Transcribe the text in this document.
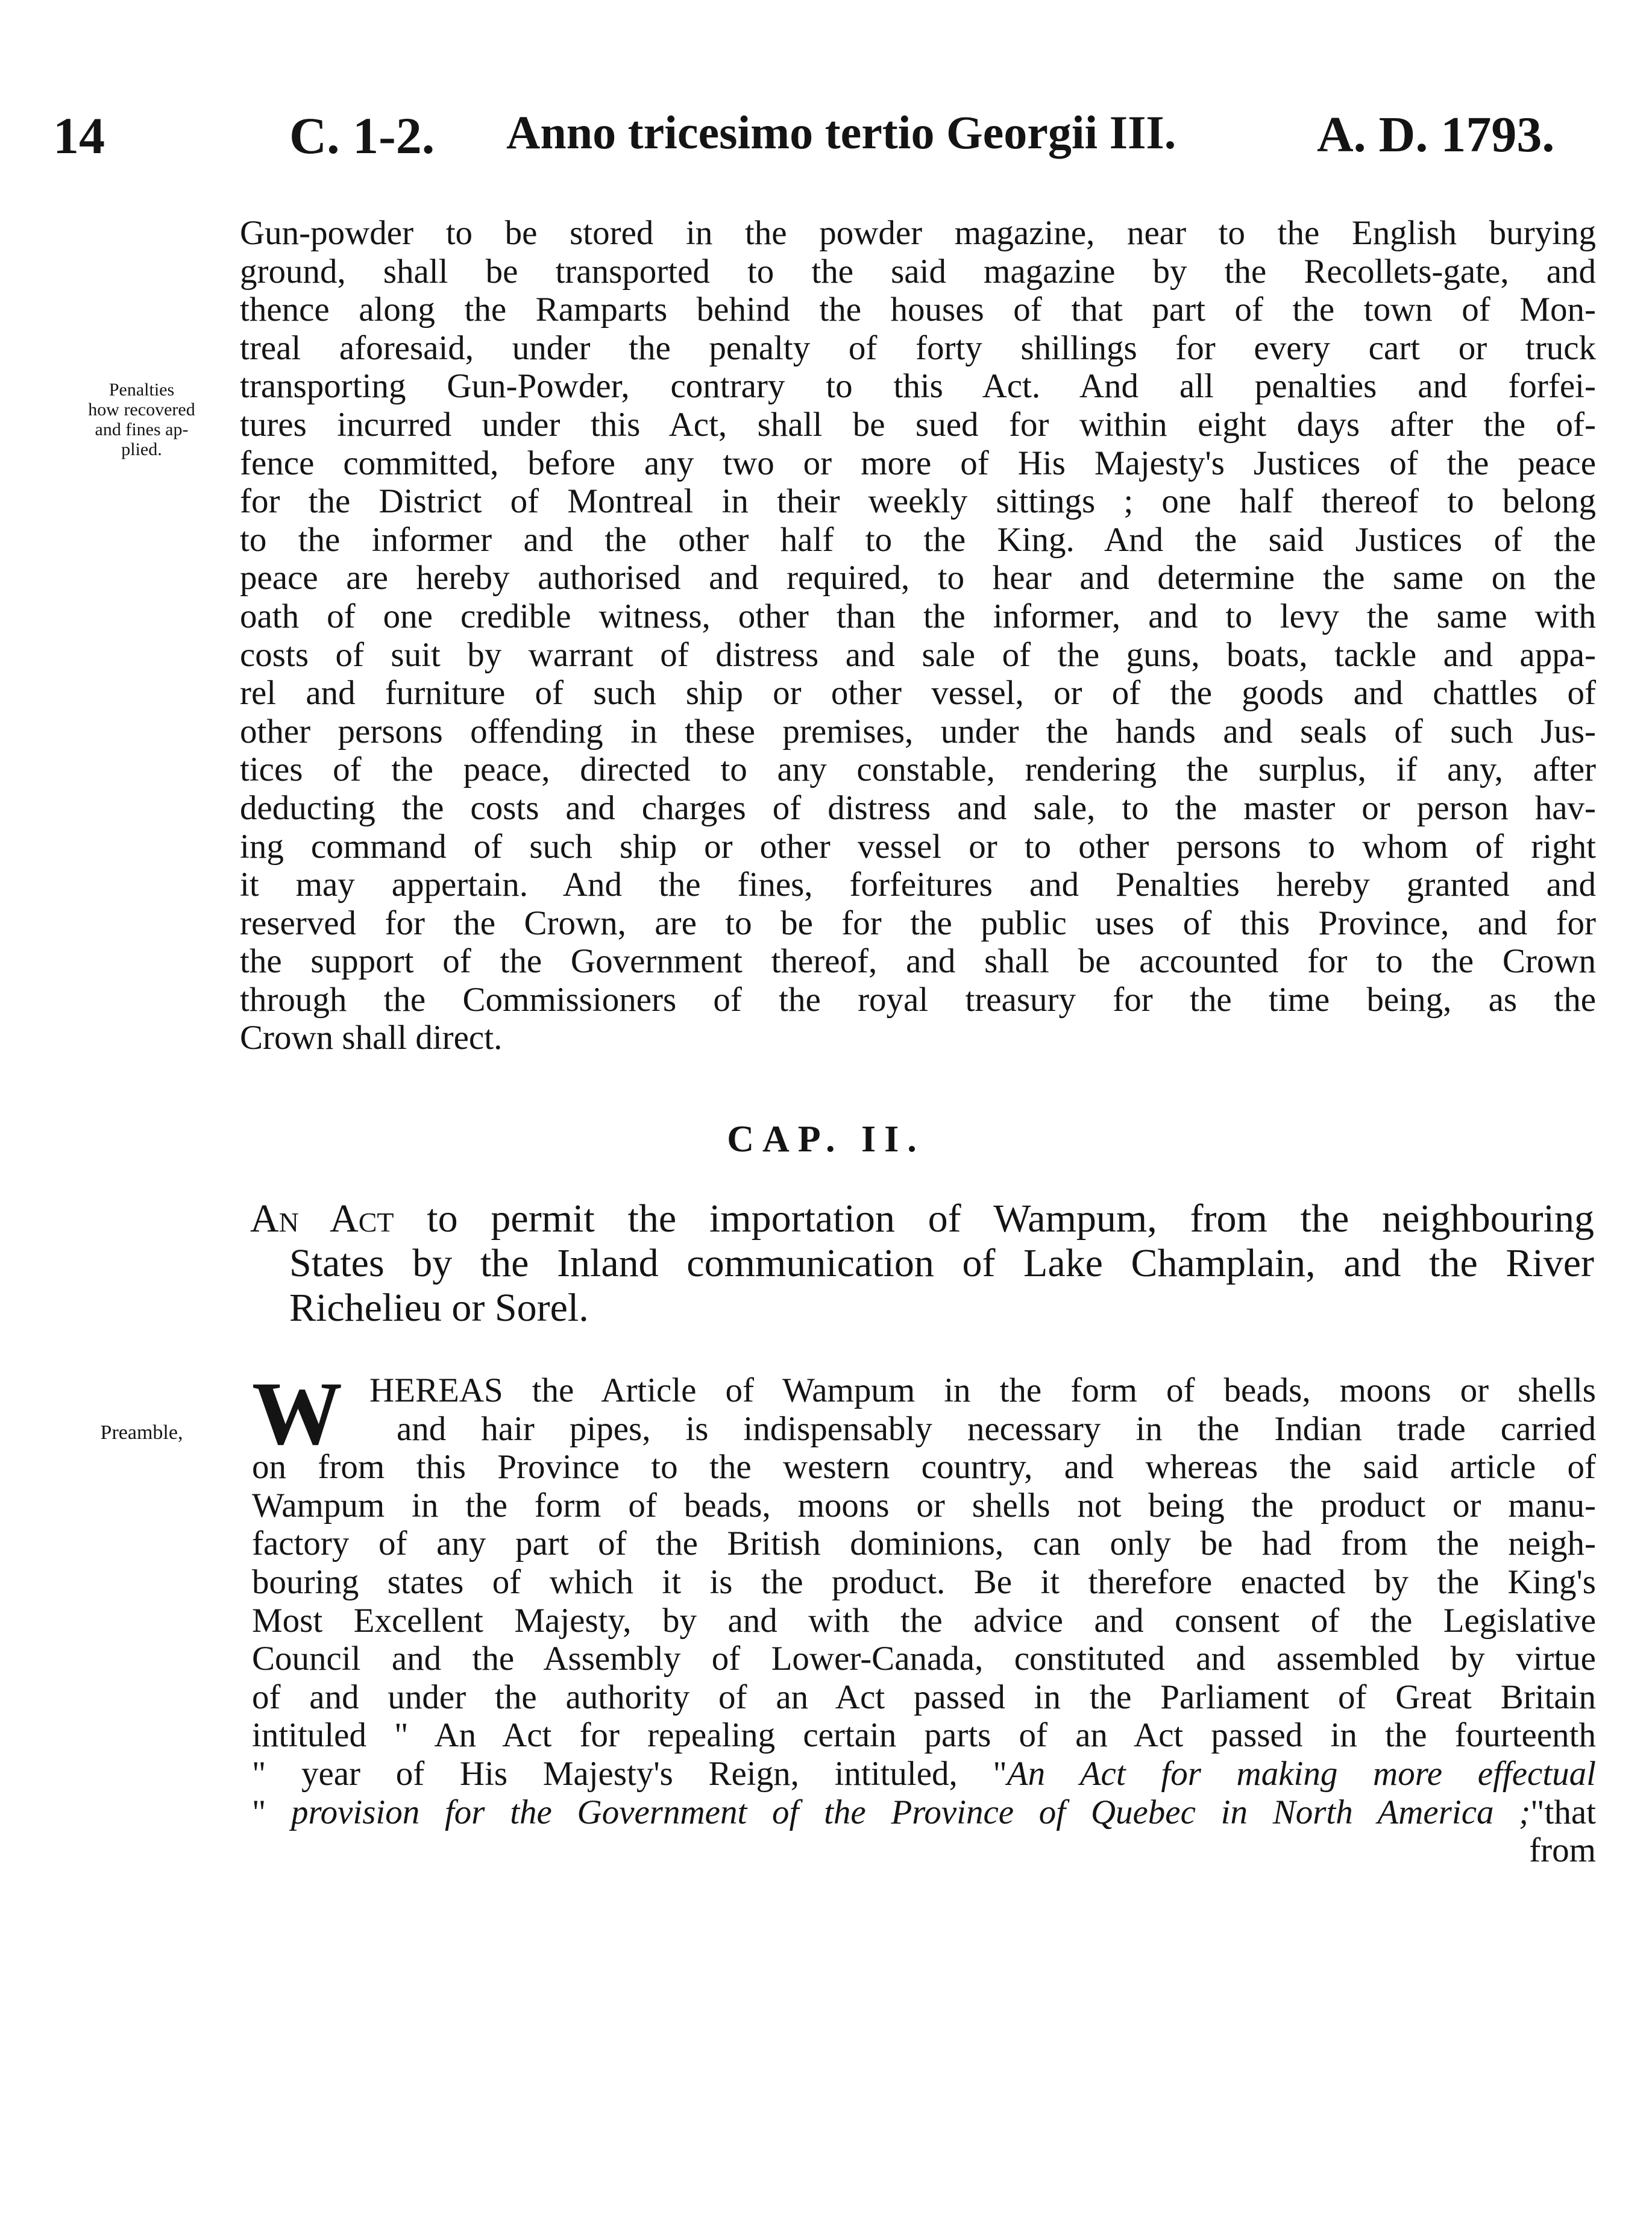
14	C. 1-2. Anno tricesimo tertio Georgii III.	A. D. 1793.
Gun-powder to be stored in the powder magazine, near to the English burying
ground, shall be transported to the said magazine by the Recollets-gate, and
thence along the Ramparts behind the houses of that part of the town of Mon-
treal aforesaid, under the penalty of forty shillings for every cart or truck
transporting Gun-Powder, contrary to this Act. And all penalties and forfei-
tures incurred under this Act, shall be sued for within eight days after the of-
fence committed, before any two or more of His Majesty's Justices of the peace
for the District of Montreal in their weekly sittings ; one half thereof to belong
to the informer and the other half to the King. And the said Justices of the
peace are hereby authorised and required, to hear and determine the same on the
oath of one credible witness, other than the informer, and to levy the same with
costs of suit by warrant of distress and sale of the guns, boats, tackle and appa-
rel and furniture of such ship or other vessel, or of the goods and chattles of
other persons offending in these premises, under the hands and seals of such Jus-
tices of the peace, directed to any constable, rendering the surplus, if any, after
deducting the costs and charges of distress and sale, to the master or person hav-
ing command of such ship or other vessel or to other persons to whom of right
it may appertain. And the fines, forfeitures and Penalties hereby granted and
reserved for the Crown, are to be for the public uses of this Province, and for
the support of the Government thereof, and shall be accounted for to the Crown
through the Commissioners of the royal treasury for the time being, as the
Crown shall direct.
Penalties
how recovered
and fines ap-
plied.
CAP. II.
An Act to permit the importation of Wampum, from the neighbouring
States by the Inland communication of Lake Champlain, and the River
Richelieu or Sorel.
Preamble, W HEREAS the Article of Wampum in the form of beads, moons or shells
and hair pipes, is indispensably necessary in the Indian trade carried
on from this Province to the western country, and whereas the said article of
Wampum in the form of beads, moons or shells not being the product or manu-
factory of any part of the British dominions, can only be had from the neigh-
bouring states of which it is the product. Be it therefore enacted by the King's
Most Excellent Majesty, by and with the advice and consent of the Legislative
Council and the Assembly of Lower-Canada, constituted and assembled by virtue
of and under the authority of an Act passed in the Parliament of Great Britain
intituled " An Act for repealing certain parts of an Act passed in the fourteenth
" year of His Majesty's Reign, intituled, "An Act for making more effectual
" provision for the Government of the Province of Quebec in North America ;"that
from
